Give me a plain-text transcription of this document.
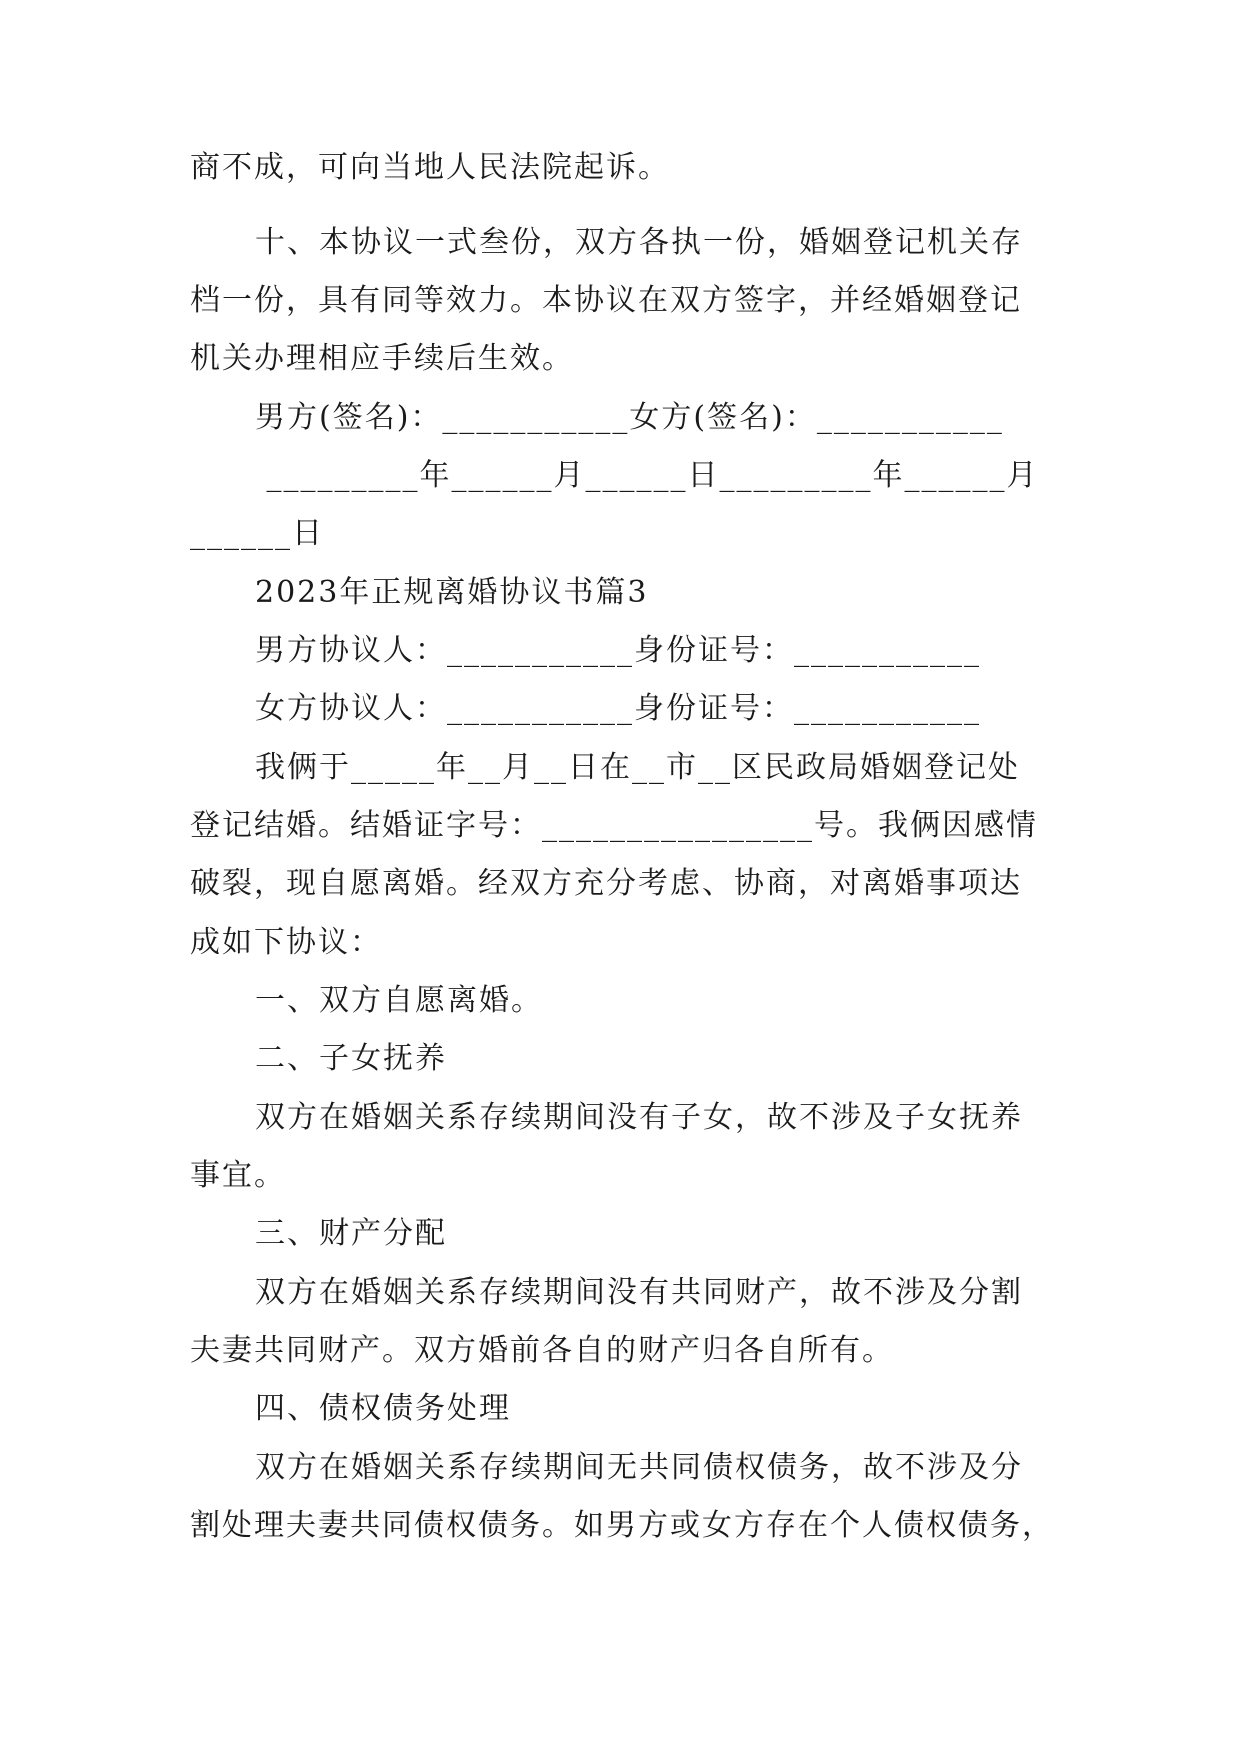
商不成，可向当地人民法院起诉。
十、本协议一式叁份，双方各执一份，婚姻登记机关存
档一份，具有同等效力。本协议在双方签字，并经婚姻登记
机关办理相应手续后生效。
男方(签名)：___________女方(签名)：___________
_________年______月______日_________年______月
______日
2023年正规离婚协议书篇3
男方协议人：___________身份证号：___________
女方协议人：___________身份证号：___________
我俩于_____年__月__日在__市__区民政局婚姻登记处
登记结婚。结婚证字号：________________号。我俩因感情
破裂，现自愿离婚。经双方充分考虑、协商，对离婚事项达
成如下协议：
一、双方自愿离婚。
二、子女抚养
双方在婚姻关系存续期间没有子女，故不涉及子女抚养
事宜。
三、财产分配
双方在婚姻关系存续期间没有共同财产，故不涉及分割
夫妻共同财产。双方婚前各自的财产归各自所有。
四、债权债务处理
双方在婚姻关系存续期间无共同债权债务，故不涉及分
割处理夫妻共同债权债务。如男方或女方存在个人债权债务，
